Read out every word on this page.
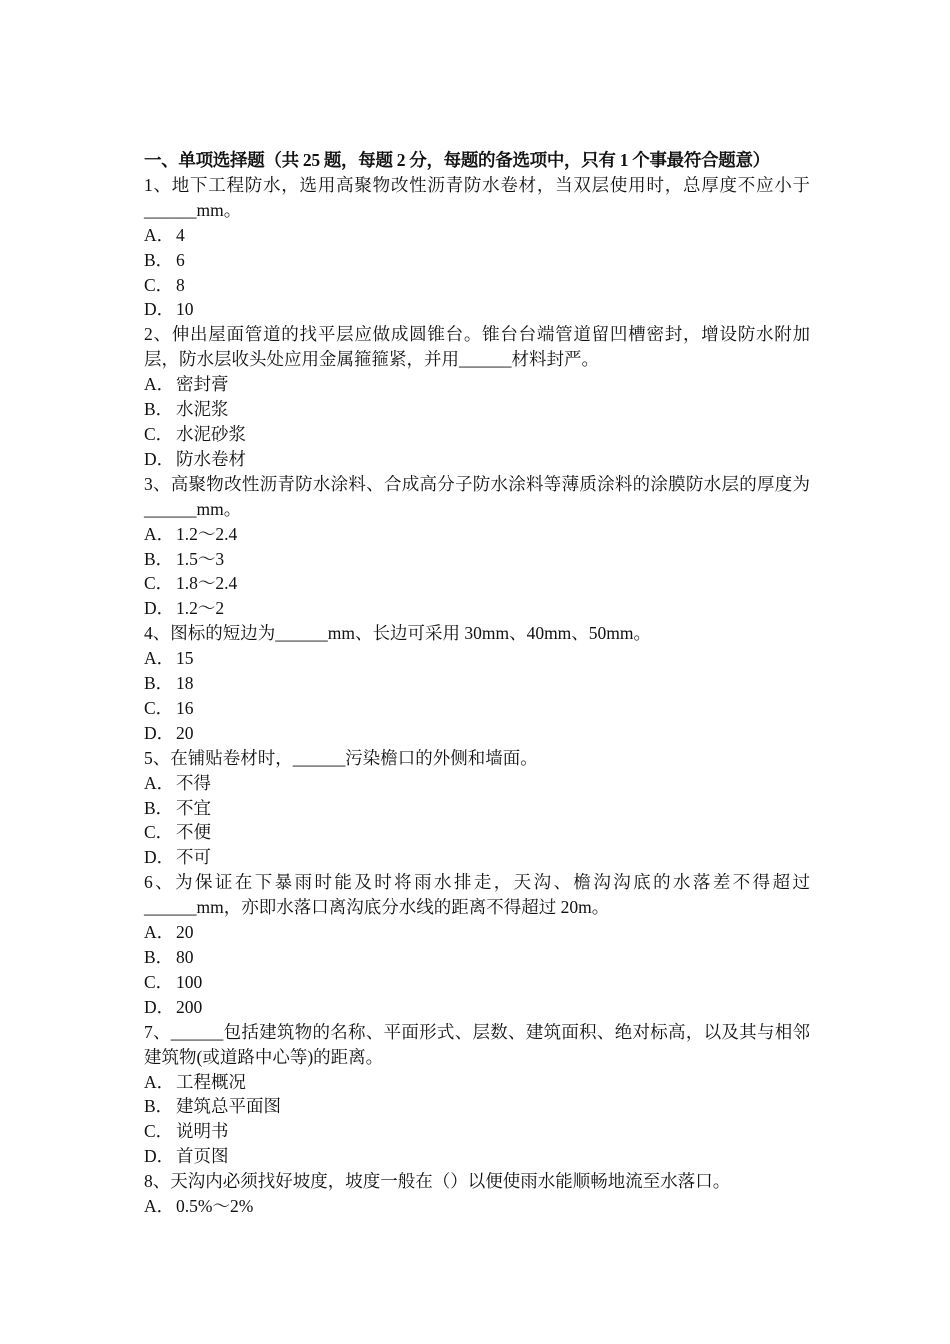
一、单项选择题（共 25 题，每题 2 分，每题的备选项中，只有 1 个事最符合题意）

1、地下工程防水，选用高聚物改性沥青防水卷材，当双层使用时，总厚度不应小于______mm。

A． 4

B． 6

C． 8

D． 10

2、伸出屋面管道的找平层应做成圆锥台。锥台台端管道留凹槽密封，增设防水附加层，防水层收头处应用金属箍箍紧，并用______材料封严。

A． 密封膏

B． 水泥浆

C． 水泥砂浆

D． 防水卷材

3、高聚物改性沥青防水涂料、合成高分子防水涂料等薄质涂料的涂膜防水层的厚度为______mm。

A． 1.2～2.4

B． 1.5～3

C． 1.8～2.4

D． 1.2～2

4、图标的短边为______mm、长边可采用 30mm、40mm、50mm。

A． 15

B． 18

C． 16

D． 20

5、在铺贴卷材时，______污染檐口的外侧和墙面。

A． 不得

B． 不宜

C． 不便

D． 不可

6、为保证在下暴雨时能及时将雨水排走，天沟、檐沟沟底的水落差不得超过______mm，亦即水落口离沟底分水线的距离不得超过 20m。

A． 20

B． 80

C． 100

D． 200

7、______包括建筑物的名称、平面形式、层数、建筑面积、绝对标高，以及其与相邻建筑物(或道路中心等)的距离。

A． 工程概况

B． 建筑总平面图

C． 说明书

D． 首页图

8、天沟内必须找好坡度，坡度一般在（）以便使雨水能顺畅地流至水落口。

A． 0.5%～2%
